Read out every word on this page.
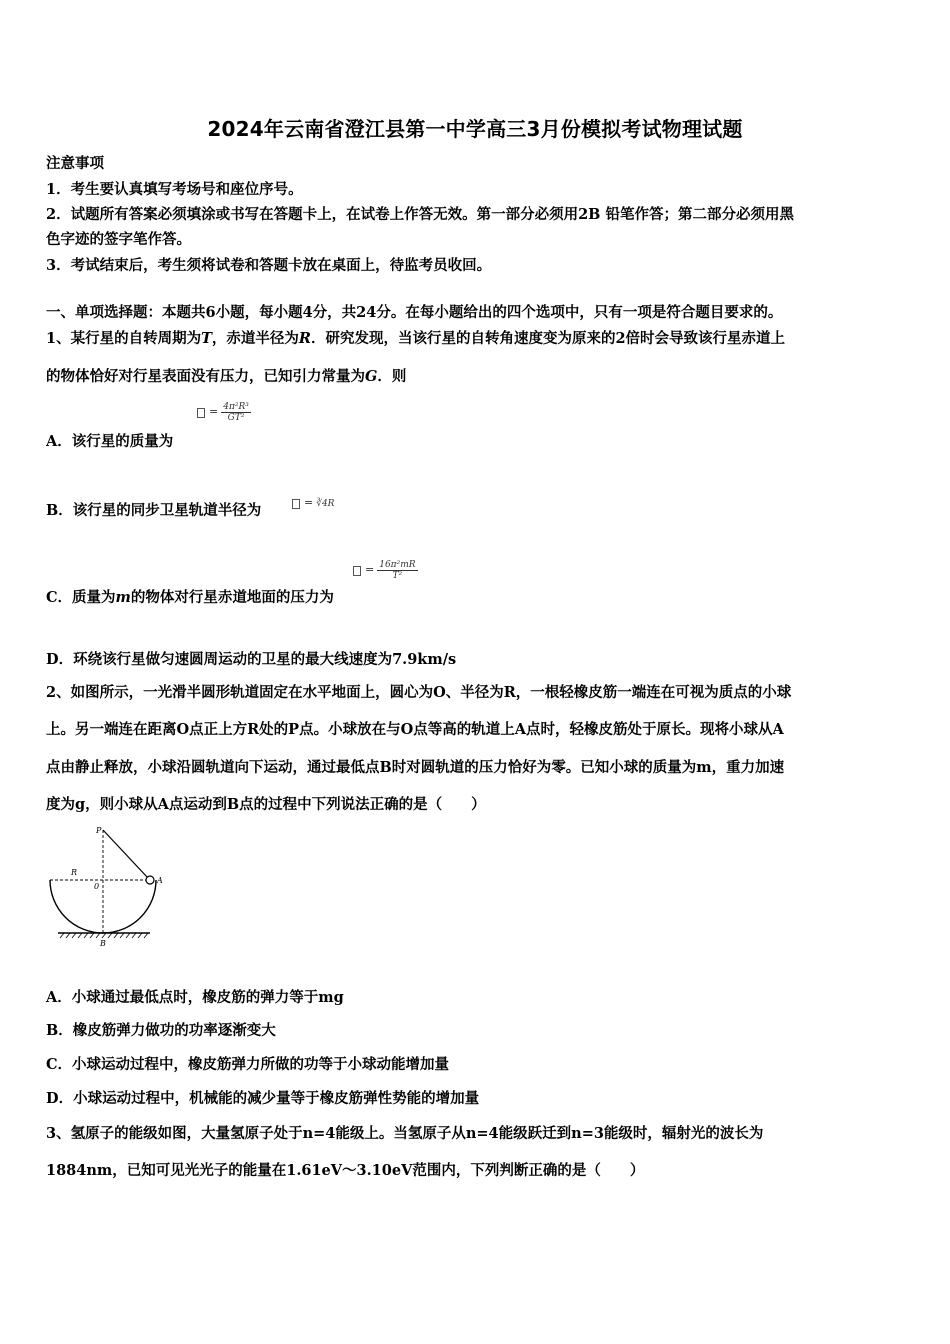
2024年云南省澄江县第一中学高三3月份模拟考试物理试题
注意事项
1．考生要认真填写考场号和座位序号。
2．试题所有答案必须填涂或书写在答题卡上，在试卷上作答无效。第一部分必须用2B 铅笔作答；第二部分必须用黑
色字迹的签字笔作答。
3．考试结束后，考生须将试卷和答题卡放在桌面上，待监考员收回。
一、单项选择题：本题共6小题，每小题4分，共24分。在每小题给出的四个选项中，只有一项是符合题目要求的。
1、某行星的自转周期为T，赤道半径为R．研究发现，当该行星的自转角速度变为原来的2倍时会导致该行星赤道上
的物体恰好对行星表面没有压力，已知引力常量为G．则
A．该行星的质量为
= $\frac{\text{4π²R³}}{\text{GT²}}$
B．该行星的同步卫星轨道半径为	= ∛4R
C．质量为m的物体对行星赤道地面的压力为
= $\frac{\text{16π²mR}}{\text{T²}}$
D．环绕该行星做匀速圆周运动的卫星的最大线速度为7.9km/s
2、如图所示，一光滑半圆形轨道固定在水平地面上，圆心为O、半径为R，一根轻橡皮筋一端连在可视为质点的小球
上。另一端连在距离O点正上方R处的P点。小球放在与O点等高的轨道上A点时，轻橡皮筋处于原长。现将小球从A
点由静止释放，小球沿圆轨道向下运动，通过最低点B时对圆轨道的压力恰好为零。已知小球的质量为m，重力加速
度为g，则小球从A点运动到B点的过程中下列说法正确的是（　　）
P
R
0
A
B
A．小球通过最低点时，橡皮筋的弹力等于mg
B．橡皮筋弹力做功的功率逐渐变大
C．小球运动过程中，橡皮筋弹力所做的功等于小球动能增加量
D．小球运动过程中，机械能的减少量等于橡皮筋弹性势能的增加量
3、氢原子的能级如图，大量氢原子处于n=4能级上。当氢原子从n=4能级跃迁到n=3能级时，辐射光的波长为
1884nm，已知可见光光子的能量在1.61eV～3.10eV范围内，下列判断正确的是（　　）
